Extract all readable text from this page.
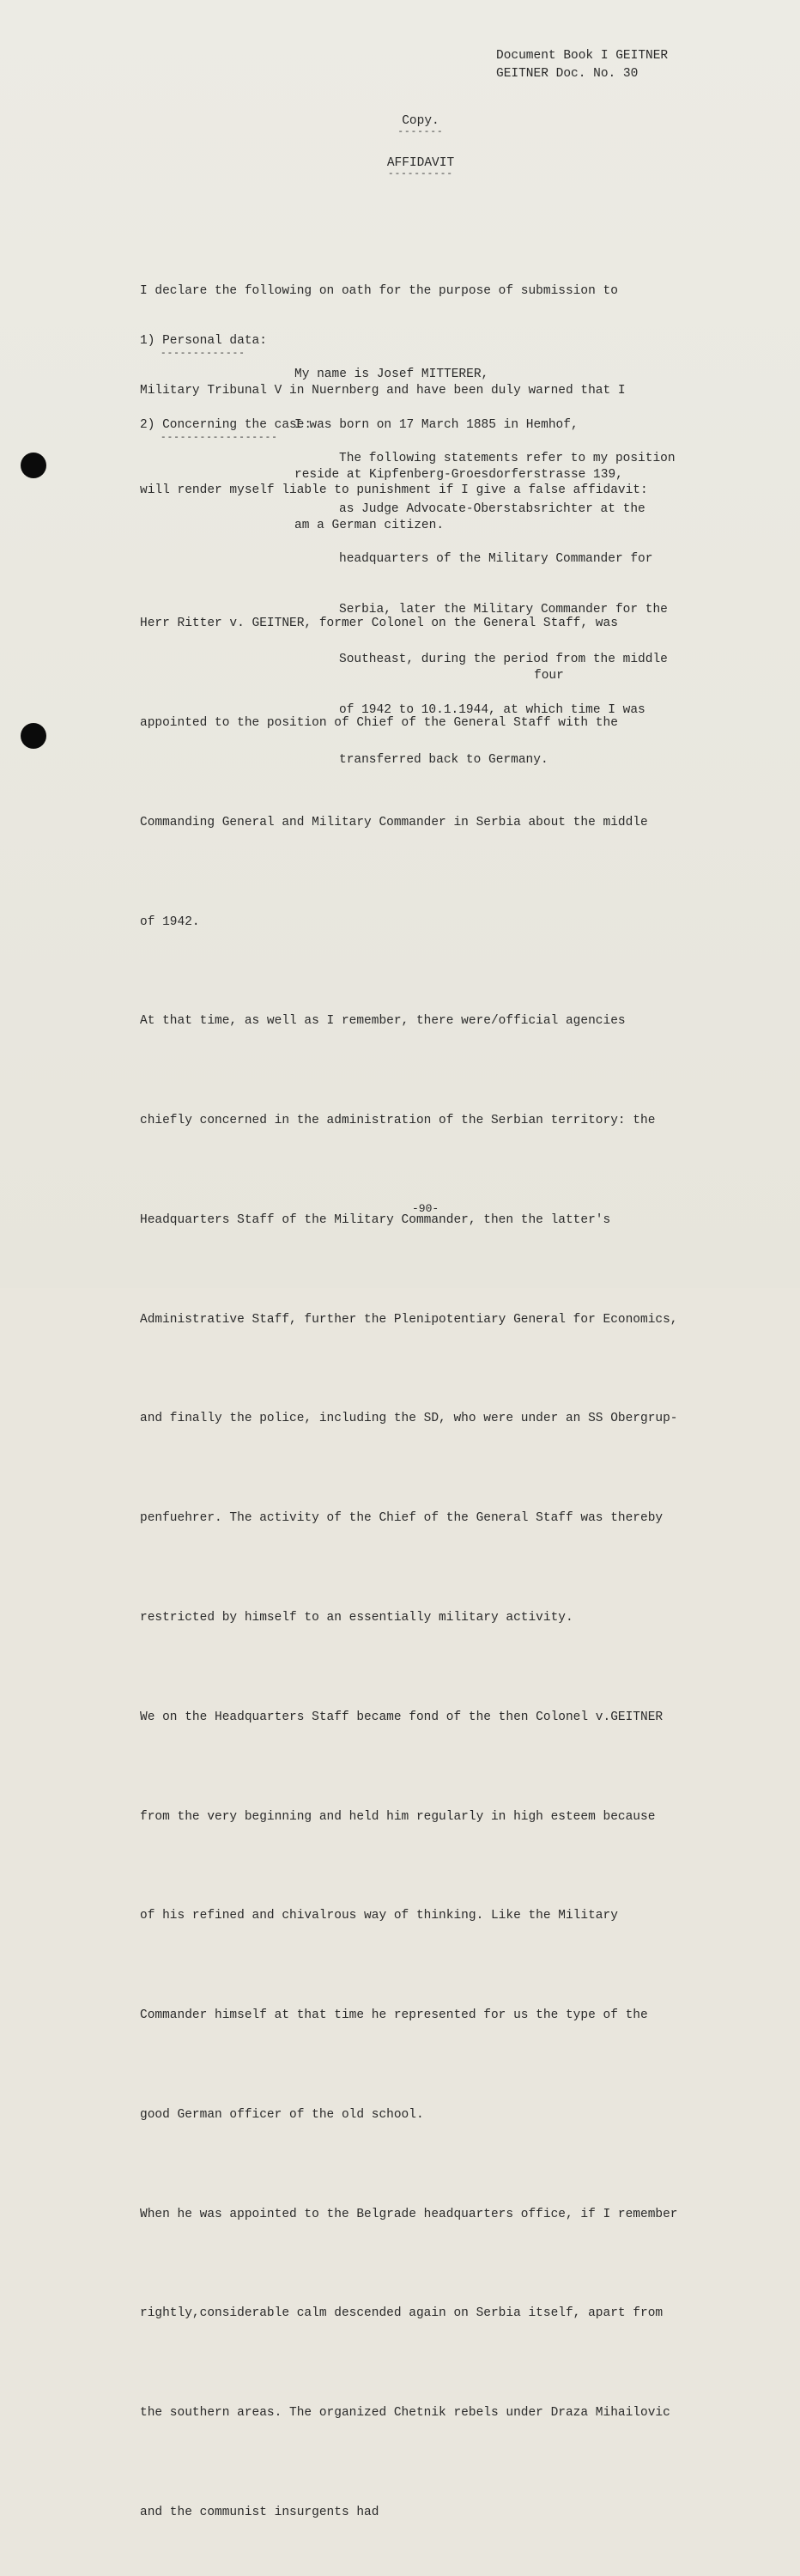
Document Book I GEITNER
GEITNER Doc. No. 30
Copy.
-------
AFFIDAVIT
----------

I declare the following on oath for the purpose of submission to

Military Tribunal V in Nuernberg and have been duly warned that I

will render myself liable to punishment if I give a false affidavit:

1) Personal data:
-------------

My name is Josef MITTERER,

I was born on 17 March 1885 in Hemhof,

reside at Kipfenberg-Groesdorferstrasse 139,

am a German citizen.

2) Concerning the case:
------------------

The following statements refer to my position

as Judge Advocate-Oberstabsrichter at the

headquarters of the Military Commander for

Serbia, later the Military Commander for the

Southeast, during the period from the middle

of 1942 to 10.1.1944, at which time I was

transferred back to Germany.

four

Herr Ritter v. GEITNER, former Colonel on the General Staff, was

appointed to the position of Chief of the General Staff with the

Commanding General and Military Commander in Serbia about the middle

of 1942.

At that time, as well as I remember, there were/official agencies

chiefly concerned in the administration of the Serbian territory: the

Headquarters Staff of the Military Commander, then the latter's

Administrative Staff, further the Plenipotentiary General for Economics,

and finally the police, including the SD, who were under an SS Obergrup-

penfuehrer. The activity of the Chief of the General Staff was thereby

restricted by himself to an essentially military activity.

We on the Headquarters Staff became fond of the then Colonel v.GEITNER

from the very beginning and held him regularly in high esteem because

of his refined and chivalrous way of thinking. Like the Military

Commander himself at that time he represented for us the type of the

good German officer of the old school.

When he was appointed to the Belgrade headquarters office, if I remember

rightly,considerable calm descended again on Serbia itself, apart from

the southern areas. The organized Chetnik rebels under Draza Mihailovic

and the communist insurgents had

-90-
